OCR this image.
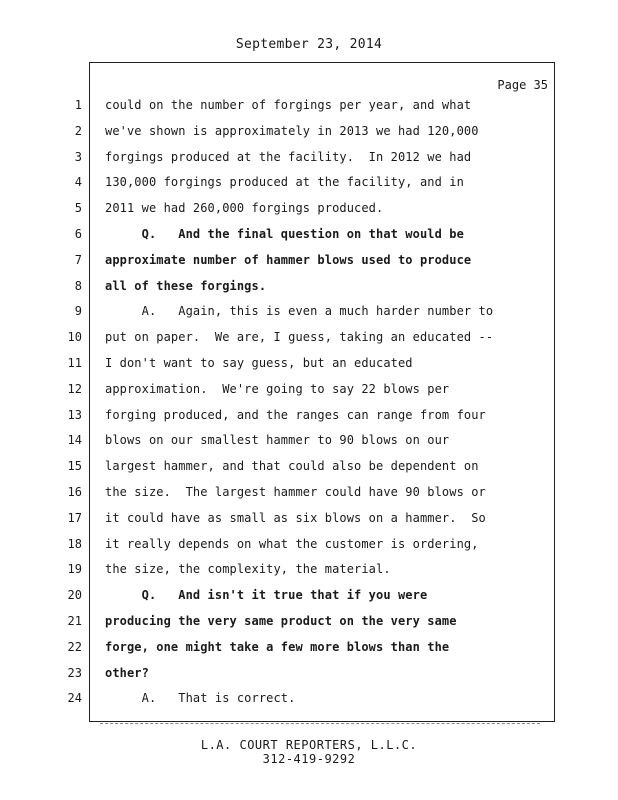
September 23, 2014
Page 35
1 could on the number of forgings per year, and what
2 we've shown is approximately in 2013 we had 120,000
3 forgings produced at the facility.  In 2012 we had
4 130,000 forgings produced at the facility, and in
5 2011 we had 260,000 forgings produced.
6 Q.   And the final question on that would be
7 approximate number of hammer blows used to produce
8 all of these forgings.
9 A.   Again, this is even a much harder number to
10 put on paper.  We are, I guess, taking an educated --
11 I don't want to say guess, but an educated
12 approximation.  We're going to say 22 blows per
13 forging produced, and the ranges can range from four
14 blows on our smallest hammer to 90 blows on our
15 largest hammer, and that could also be dependent on
16 the size.  The largest hammer could have 90 blows or
17 it could have as small as six blows on a hammer.  So
18 it really depends on what the customer is ordering,
19 the size, the complexity, the material.
20 Q.   And isn't it true that if you were
21 producing the very same product on the very same
22 forge, one might take a few more blows than the
23 other?
24 A.   That is correct.
L.A. COURT REPORTERS, L.L.C.
312-419-9292
